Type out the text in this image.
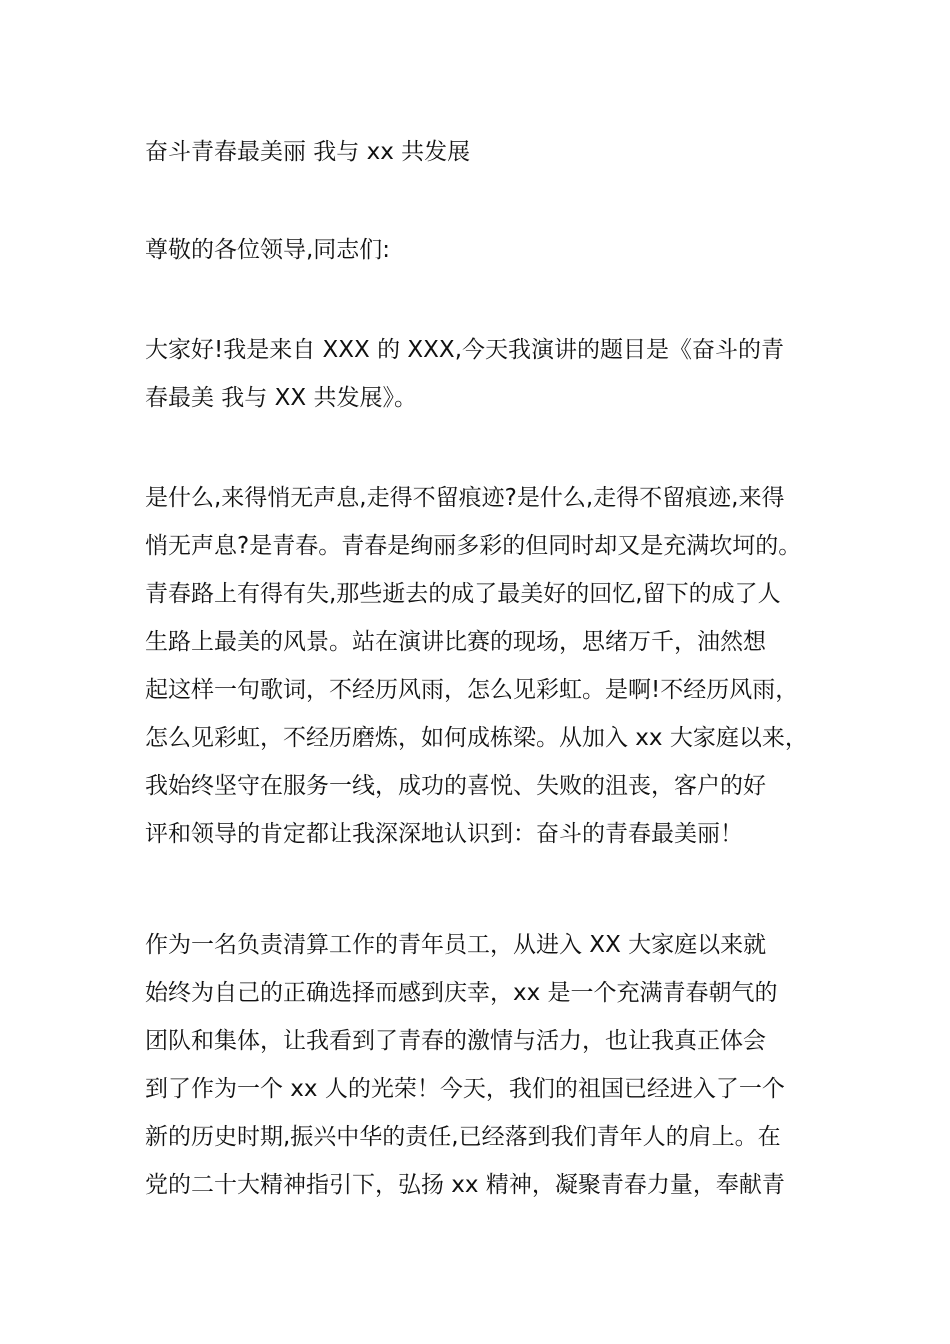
奋斗青春最美丽 我与 xx 共发展

尊敬的各位领导,同志们:

大家好!我是来自 XXX 的 XXX,今天我演讲的题目是《奋斗的青
春最美 我与 XX 共发展》。

是什么,来得悄无声息,走得不留痕迹?是什么,走得不留痕迹,来得
悄无声息?是青春。青春是绚丽多彩的但同时却又是充满坎坷的。
青春路上有得有失,那些逝去的成了最美好的回忆,留下的成了人
生路上最美的风景。站在演讲比赛的现场，思绪万千，油然想
起这样一句歌词，不经历风雨，怎么见彩虹。是啊!不经历风雨，
怎么见彩虹，不经历磨炼，如何成栋梁。从加入 xx 大家庭以来，
我始终坚守在服务一线，成功的喜悦、失败的沮丧，客户的好
评和领导的肯定都让我深深地认识到：奋斗的青春最美丽！

作为一名负责清算工作的青年员工，从进入 XX 大家庭以来就
始终为自己的正确选择而感到庆幸，xx 是一个充满青春朝气的
团队和集体，让我看到了青春的激情与活力，也让我真正体会
到了作为一个 xx 人的光荣！今天，我们的祖国已经进入了一个
新的历史时期,振兴中华的责任,已经落到我们青年人的肩上。在
党的二十大精神指引下，弘扬 xx 精神，凝聚青春力量，奉献青
